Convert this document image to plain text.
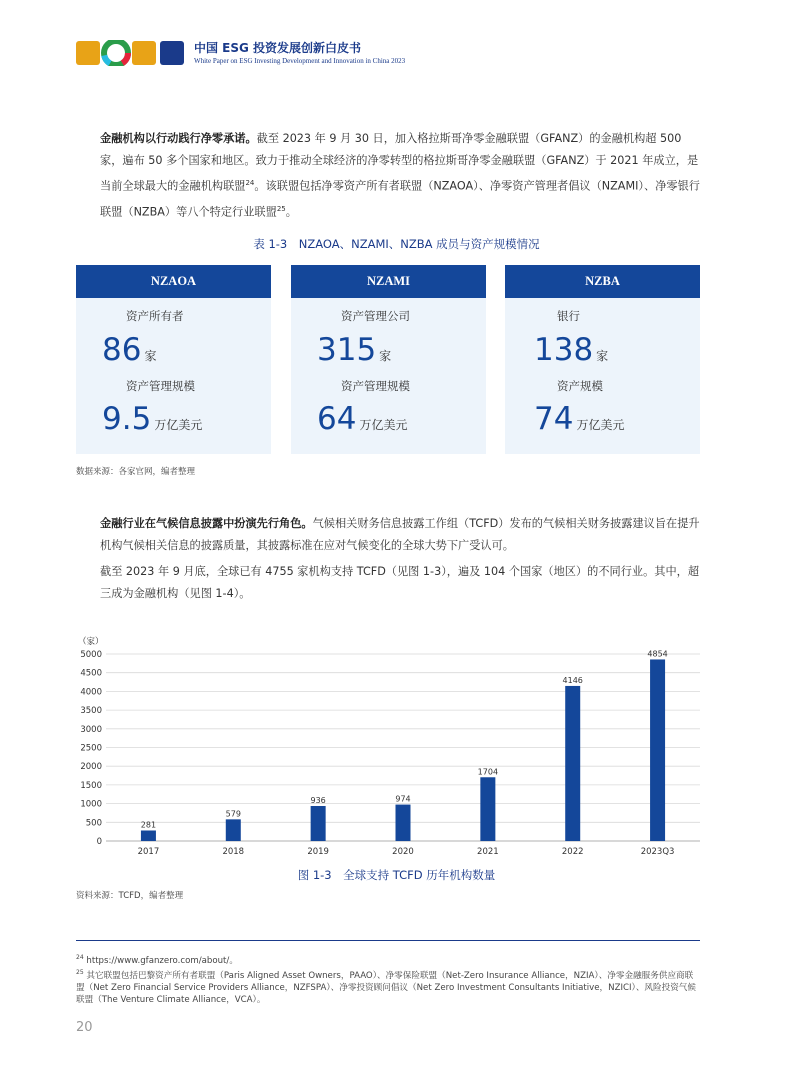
2023
中国 ESG 投资发展创新白皮书
White Paper on ESG Investing Development and Innovation in China 2023
金融机构以行动践行净零承诺。截至 2023 年 9 月 30 日，加入格拉斯哥净零金融联盟（GFANZ）的金融机构超 500 家，遍布 50 多个国家和地区。致力于推动全球经济的净零转型的格拉斯哥净零金融联盟（GFANZ）于 2021 年成立，是当前全球最大的金融机构联盟$^{24}$。该联盟包括净零资产所有者联盟（NZAOA）、净零资产管理者倡议（NZAMI）、净零银行联盟（NZBA）等八个特定行业联盟$^{25}$。
表 1-3　NZAOA、NZAMI、NZBA 成员与资产规模情况
NZAOA
资产所有者
86 家
资产管理规模
9.5 万亿美元
NZAMI
资产管理公司
315 家
资产管理规模
64 万亿美元
NZBA
银行
138 家
资产规模
74 万亿美元
数据来源：各家官网，编者整理
金融行业在气候信息披露中扮演先行角色。气候相关财务信息披露工作组（TCFD）发布的气候相关财务披露建议旨在提升机构气候相关信息的披露质量，其披露标准在应对气候变化的全球大势下广受认可。
截至 2023 年 9 月底，全球已有 4755 家机构支持 TCFD（见图 1-3），遍及 104 个国家（地区）的不同行业。其中，超三成为金融机构（见图 1-4）。
（家）
0
500
1000
1500
2000
2500
3000
3500
4000
4500
5000
281
579
936	974
1704
4146
4854
2017	2018	2019	2020	2021	2022	2023Q3
图 1-3　全球支持 TCFD 历年机构数量
资料来源：TCFD，编者整理
$^{24}$ https://www.gfanzero.com/about/。
$^{25}$ 其它联盟包括巴黎资产所有者联盟（Paris Aligned Asset Owners，PAAO）、净零保险联盟（Net-Zero Insurance Alliance，NZIA）、净零金融服务供应商联盟（Net Zero Financial Service Providers Alliance，NZFSPA）、净零投资顾问倡议（Net Zero Investment Consultants Initiative，NZICI）、风险投资气候联盟（The Venture Climate Alliance，VCA）。
20
